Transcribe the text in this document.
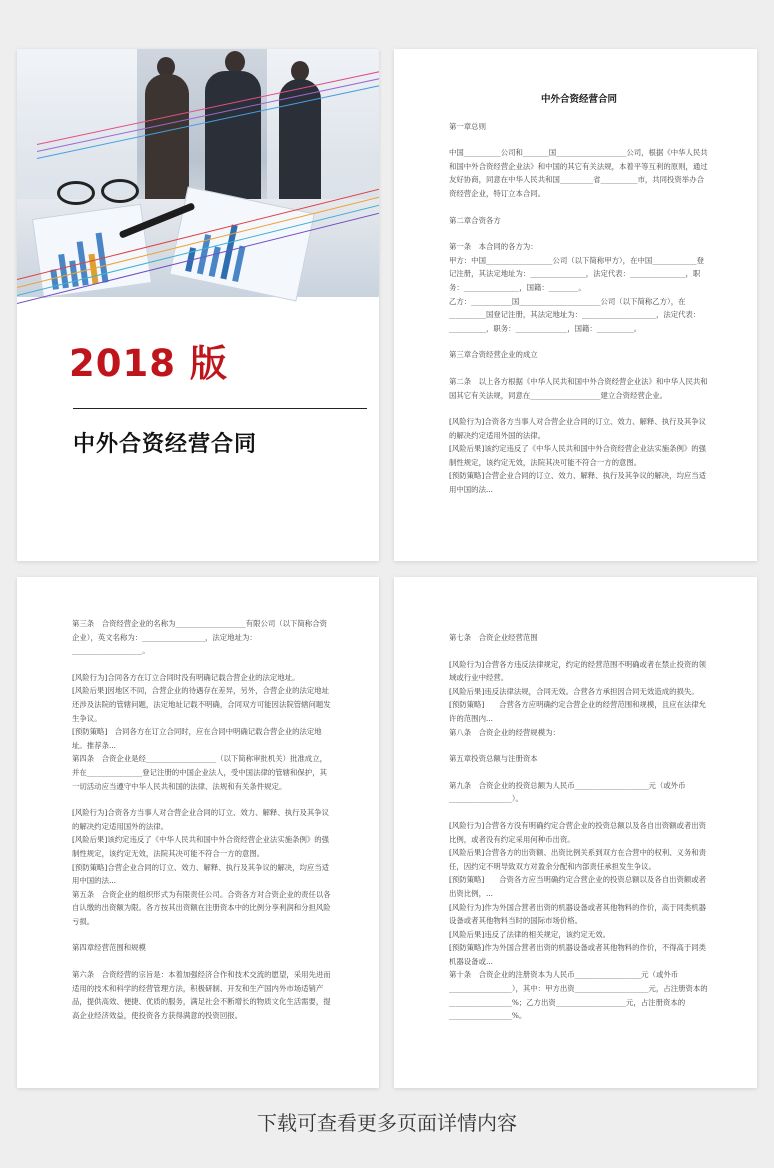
2018 版
中外合资经营合同
中外合资经营合同

第一章总则

中国__________公司和_______国___________________公司，根据《中华人民共和国中外合资经营企业法》和中国的其它有关法规，本着平等互利的原则，通过友好协商，同意在中华人民共和国_________省__________市，共同投资举办合资经营企业，特订立本合同。

第二章合资各方

第一条　本合同的各方为：

甲方：中国__________________公司（以下简称甲方），在中国____________登记注册，其法定地址为：_______________，法定代表：_______________，职务：_______________，国籍：________。

乙方：___________国______________________公司（以下简称乙方），在__________国登记注册，其法定地址为：____________________，法定代表：__________，职务：______________，国籍：__________。

第三章合资经营企业的成立

第二条　以上各方根据《中华人民共和国中外合资经营企业法》和中华人民共和国其它有关法规，同意在___________________建立合资经营企业。

[风险行为]合资各方当事人对合营企业合同的订立、效力、解释、执行及其争议的解决约定适用外国的法律。

[风险后果]该约定违反了《中华人民共和国中外合资经营企业法实施条例》的强制性规定，该约定无效，法院其决可能不符合一方的意图。

[预防策略]合营企业合同的订立、效力、解释、执行及其争议的解决，均应当适用中国的法...

第三条　合资经营企业的名称为___________________有限公司（以下简称合资企业），英文名称为：_________________，法定地址为：___________________。

[风险行为]合同各方在订立合同时没有明确记载合营企业的法定地址。

[风险后果]因地区不同，合营企业的待遇存在差异，另外，合营企业的法定地址还涉及法院的管辖问题，法定地址记载不明确，合同双方可能因法院管辖问题发生争议。

[预防策略]　合同各方在订立合同时，应在合同中明确记载合营企业的法定地址。推荐条...

第四条　合资企业是经___________________（以下简称审批机关）批准成立，并在_______________登记注册的中国企业法人，受中国法律的管辖和保护，其一切活动应当遵守中华人民共和国的法律、法规和有关条件规定。

[风险行为]合资各方当事人对合营企业合同的订立、效力、解释、执行及其争议的解决约定适用国外的法律。

[风险后果]该约定违反了《中华人民共和国中外合资经营企业法实施条例》的强制性规定，该约定无效，法院其决可能不符合一方的意图。

[预防策略]合营企业合同的订立、效力、解释、执行及其争议的解决，均应当适用中国的法...

第五条　合资企业的组织形式为有限责任公司。合资各方对合资企业的责任以各自认缴的出资额为限。各方按其出资额在注册资本中的比例分享利润和分担风险亏损。

第四章经营范围和规模

第六条　合资经营的宗旨是：本着加强经济合作和技术交流的愿望，采用先进而适用的技术和科学的经营管理方法，积极研制、开发和生产国内外市场适销产品，提供高效、便捷、优质的服务，满足社会不断增长的物质文化生活需要，提高企业经济效益，使投资各方获得满意的投资回报。

第七条　合资企业经营范围

[风险行为]合营各方违反法律规定，约定的经营范围不明确或者在禁止投资的领域或行业中经营。

[风险后果]违反法律法规，合同无效。合营各方承担因合同无效造成的损失。

[预防策略]　　合营各方应明确约定合营企业的经营范围和规模，且应在法律允许的范围内...

第八条　合资企业的经营规模为：

第五章投资总额与注册资本

第九条　合资企业的投资总额为人民币____________________元（或外币_________________）。

[风险行为]合营各方没有明确约定合营企业的投资总额以及各自出资额或者出资比例，或者没有约定采用何种币出资。

[风险后果]合营各方的出资额、出资比例关系到双方在合营中的权利、义务和责任，因约定不明导致双方对盈余分配和内部责任承担发生争议。

[预防策略]　　合资各方应当明确约定合营企业的投资总额以及各自出资额或者出资比例，...

[风险行为]作为外国合营者出资的机器设备或者其他物料的作价，高于同类机器设备或者其他物料当时的国际市场价格。

[风险后果]违反了法律的相关规定，该约定无效。

[预防策略]作为外国合营者出资的机器设备或者其他物料的作价，不得高于同类机器设备或...

第十条　合资企业的注册资本为人民币__________________元（或外币_________________），其中：甲方出资____________________元，占注册资本的_________________%；乙方出资___________________元，占注册资本的_________________%。

下载可查看更多页面详情内容
